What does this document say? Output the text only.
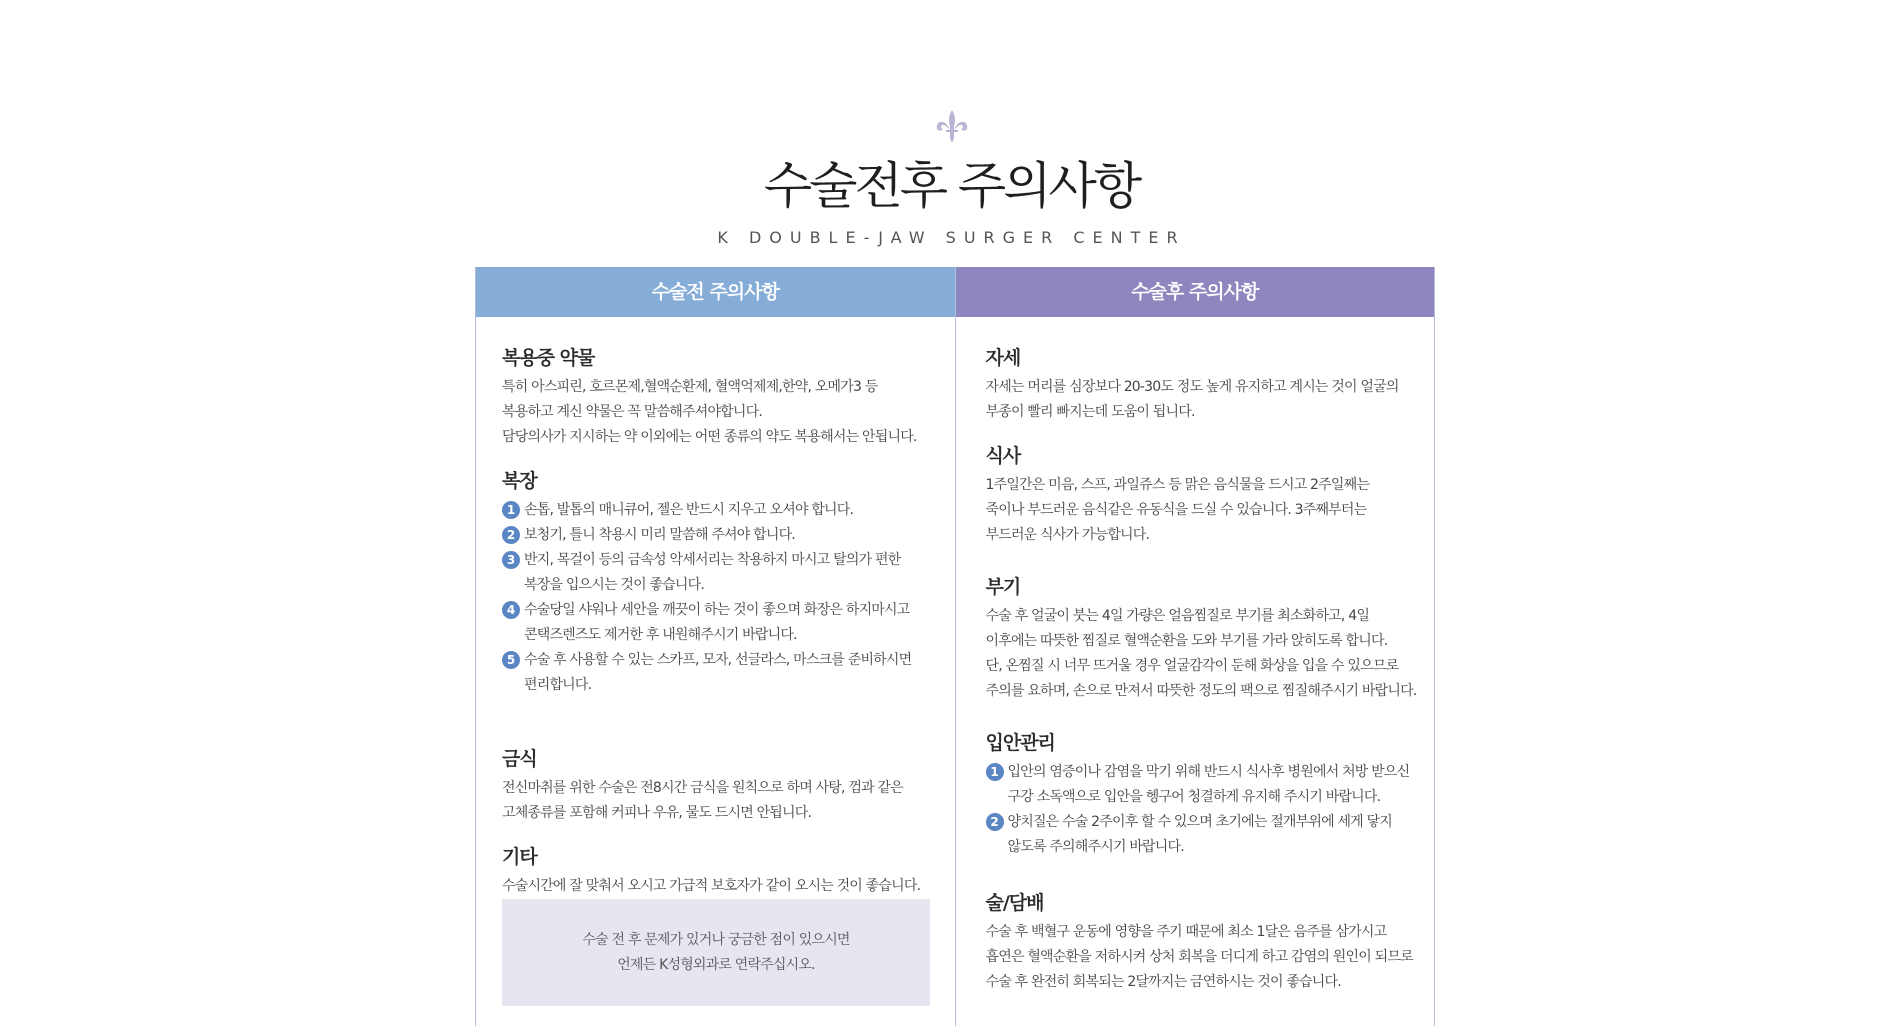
수술전후 주의사항
K DOUBLE-JAW SURGER CENTER
수술전 주의사항
복용중 약물
특히 아스피린, 호르몬제,혈액순환제, 혈액억제제,한약, 오메가3 등
복용하고 계신 약물은 꼭 말씀해주셔야합니다.
담당의사가 지시하는 약 이외에는 어떤 종류의 약도 복용해서는 안됩니다.
복장
1 손톱, 발톱의 매니큐어, 젤은 반드시 지우고 오셔야 합니다.
2 보청기, 틀니 착용시 미리 말씀해 주셔야 합니다.
3 반지, 목걸이 등의 금속성 악세서리는 착용하지 마시고 탈의가 편한
복장을 입으시는 것이 좋습니다.
4 수술당일 샤워나 세안을 깨끗이 하는 것이 좋으며 화장은 하지마시고
콘택즈렌즈도 제거한 후 내원해주시기 바랍니다.
5 수술 후 사용할 수 있는 스카프, 모자, 선글라스, 마스크를 준비하시면
편리합니다.
금식
전신마취를 위한 수술은 전8시간 금식을 원칙으로 하며 사탕, 껌과 같은
고체종류를 포함해 커피나 우유, 물도 드시면 안됩니다.
기타
수술시간에 잘 맞춰서 오시고 가급적 보호자가 같이 오시는 것이 좋습니다.
수술 전 후 문제가 있거나 궁금한 점이 있으시면
언제든 K성형외과로 연락주십시오.
수술후 주의사항
자세
자세는 머리를 심장보다 20-30도 정도 높게 유지하고 계시는 것이 얼굴의
부종이 빨리 빠지는데 도움이 됩니다.
식사
1주일간은 미음, 스프, 과일쥬스 등 맑은 음식물을 드시고 2주일째는
죽이나 부드러운 음식같은 유동식을 드실 수 있습니다. 3주째부터는
부드러운 식사가 가능합니다.
부기
수술 후 얼굴이 붓는 4일 가량은 얼음찜질로 부기를 최소화하고, 4일
이후에는 따뜻한 찜질로 혈액순환을 도와 부기를 가라 앉히도록 합니다.
단, 온찜질 시 너무 뜨거울 경우 얼굴감각이 둔해 화상을 입을 수 있으므로
주의를 요하며, 손으로 만져서 따뜻한 정도의 팩으로 찜질해주시기 바랍니다.
입안관리
1 입안의 염증이나 감염을 막기 위해 반드시 식사후 병원에서 처방 받으신
구강 소독액으로 입안을 헹구어 청결하게 유지해 주시기 바랍니다.
2 양치질은 수술 2주이후 할 수 있으며 초기에는 절개부위에 세게 닿지
않도록 주의해주시기 바랍니다.
술/담배
수술 후 백혈구 운동에 영향을 주기 때문에 최소 1달은 음주를 삼가시고
흡연은 혈액순환을 저하시켜 상처 회복을 더디게 하고 감염의 원인이 되므로
수술 후 완전히 회복되는 2달까지는 금연하시는 것이 좋습니다.
